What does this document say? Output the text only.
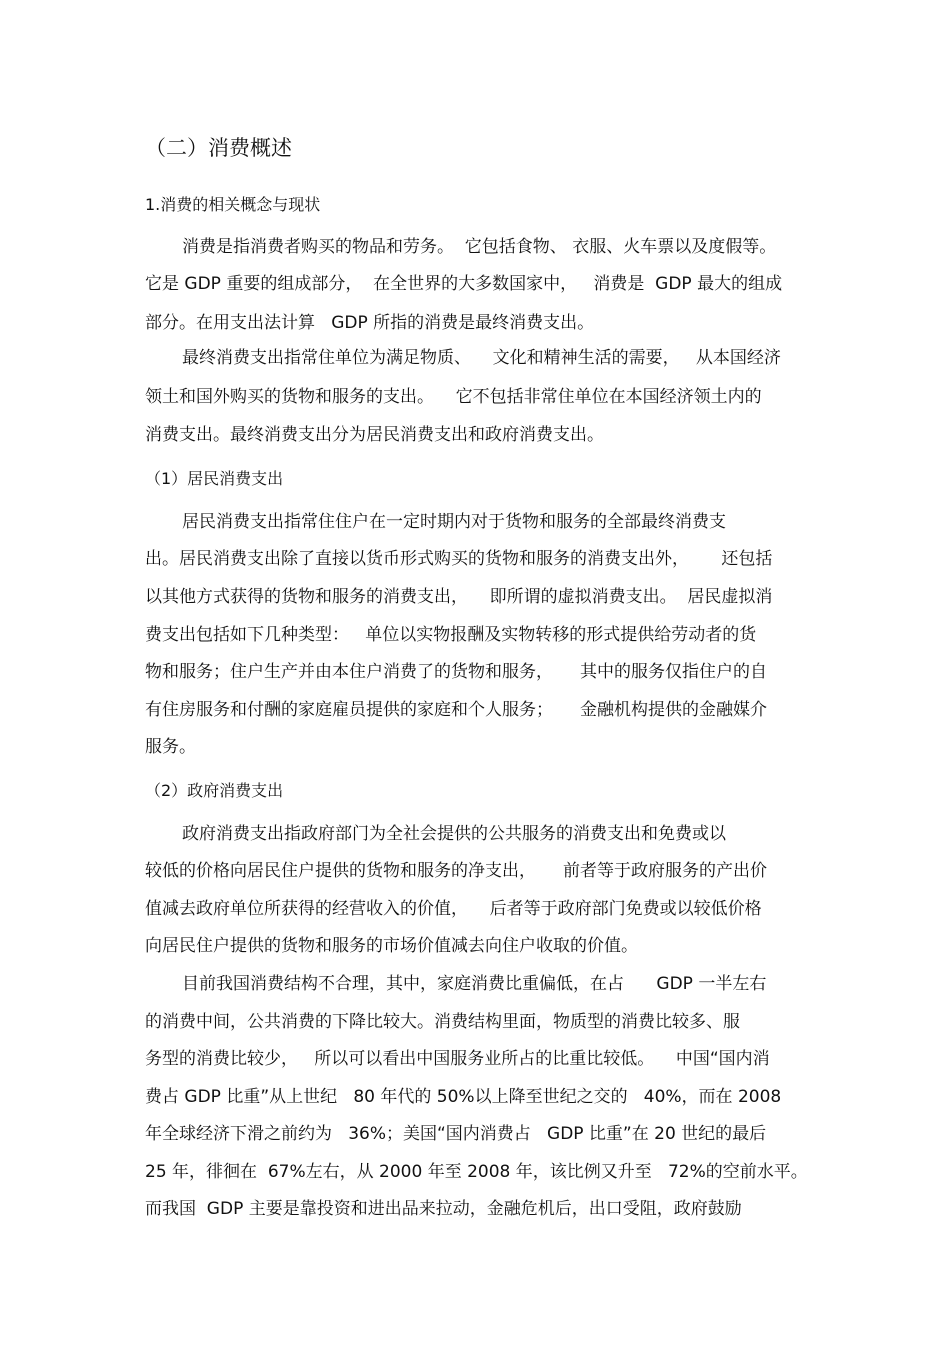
（二）消费概述
1.消费的相关概念与现状
消费是指消费者购买的物品和劳务。  它包括食物、 衣服、火车票以及度假等。
它是 GDP 重要的组成部分，  在全世界的大多数国家中，   消费是  GDP 最大的组成
部分。在用支出法计算   GDP 所指的消费是最终消费支出。
最终消费支出指常住单位为满足物质、    文化和精神生活的需要，   从本国经济
领土和国外购买的货物和服务的支出。    它不包括非常住单位在本国经济领土内的
消费支出。最终消费支出分为居民消费支出和政府消费支出。
（1）居民消费支出
居民消费支出指常住住户在一定时期内对于货物和服务的全部最终消费支
出。居民消费支出除了直接以货币形式购买的货物和服务的消费支出外，      还包括
以其他方式获得的货物和服务的消费支出，    即所谓的虚拟消费支出。  居民虚拟消
费支出包括如下几种类型：   单位以实物报酬及实物转移的形式提供给劳动者的货
物和服务；住户生产并由本住户消费了的货物和服务，     其中的服务仅指住户的自
有住房服务和付酬的家庭雇员提供的家庭和个人服务；     金融机构提供的金融媒介
服务。
（2）政府消费支出
政府消费支出指政府部门为全社会提供的公共服务的消费支出和免费或以
较低的价格向居民住户提供的货物和服务的净支出，     前者等于政府服务的产出价
值减去政府单位所获得的经营收入的价值，    后者等于政府部门免费或以较低价格
向居民住户提供的货物和服务的市场价值减去向住户收取的价值。
目前我国消费结构不合理，其中，家庭消费比重偏低，在占      GDP 一半左右
的消费中间，公共消费的下降比较大。消费结构里面，物质型的消费比较多、服
务型的消费比较少，   所以可以看出中国服务业所占的比重比较低。    中国“国内消
费占 GDP 比重”从上世纪   80 年代的 50%以上降至世纪之交的   40%，而在 2008
年全球经济下滑之前约为   36%；美国“国内消费占   GDP 比重”在 20 世纪的最后
25 年，徘徊在  67%左右，从 2000 年至 2008 年，该比例又升至   72%的空前水平。
而我国  GDP 主要是靠投资和进出品来拉动，金融危机后，出口受阻，政府鼓励
